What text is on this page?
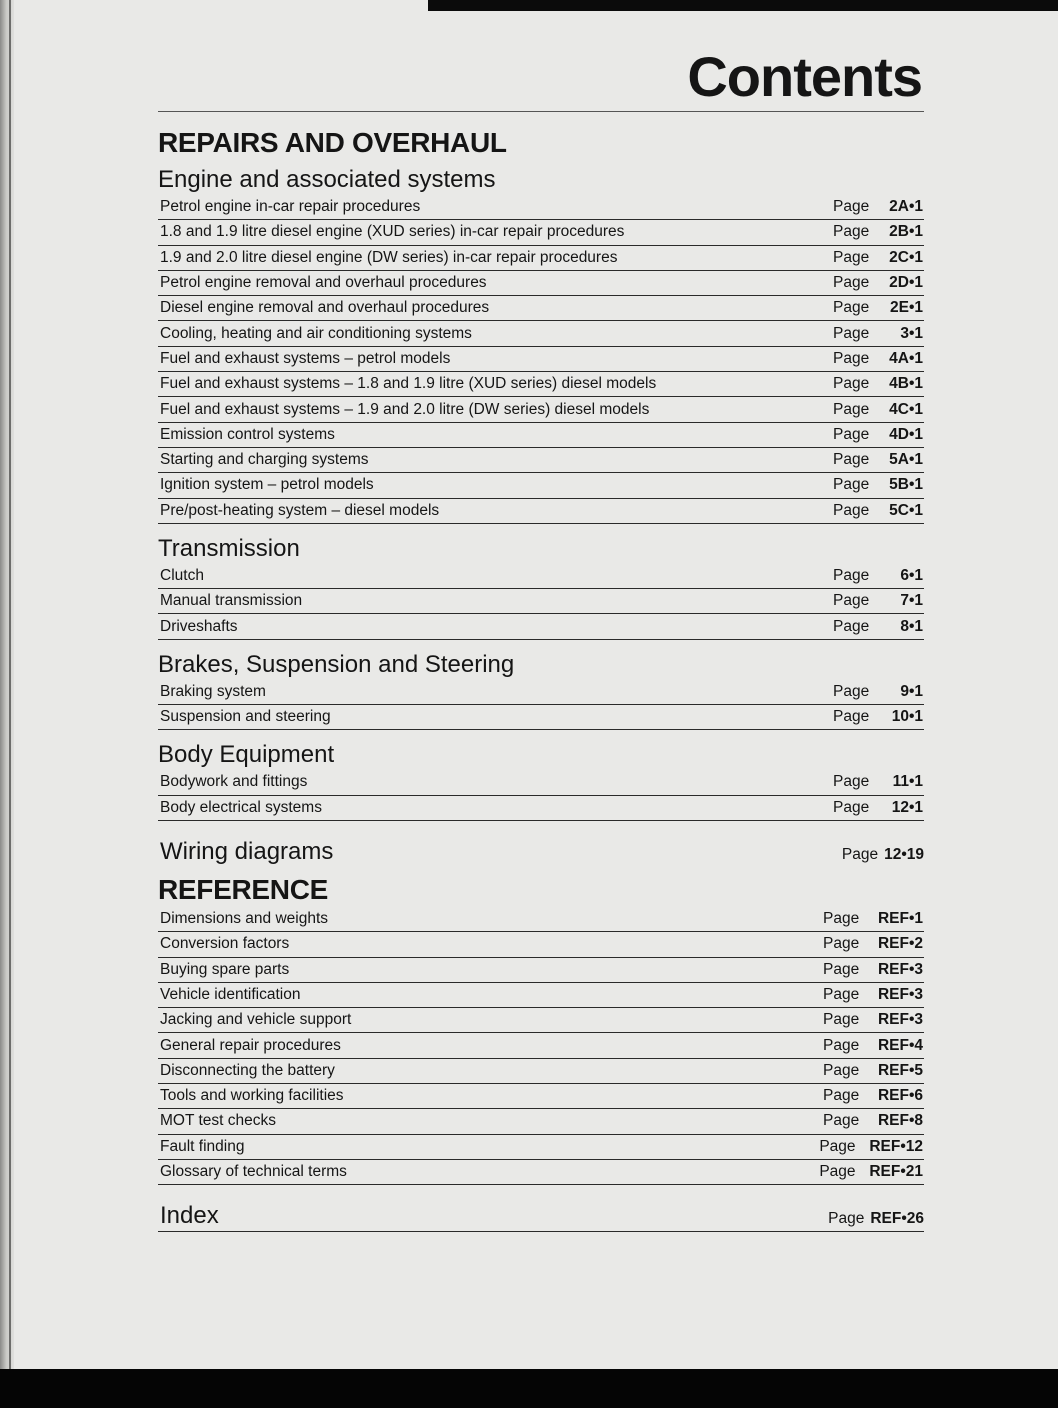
Contents
REPAIRS AND OVERHAUL
Engine and associated systems
Petrol engine in-car repair procedures	Page	2A•1
1.8 and 1.9 litre diesel engine (XUD series) in-car repair procedures	Page	2B•1
1.9 and 2.0 litre diesel engine (DW series) in-car repair procedures	Page	2C•1
Petrol engine removal and overhaul procedures	Page	2D•1
Diesel engine removal and overhaul procedures	Page	2E•1
Cooling, heating and air conditioning systems	Page	3•1
Fuel and exhaust systems – petrol models	Page	4A•1
Fuel and exhaust systems – 1.8 and 1.9 litre (XUD series) diesel models	Page	4B•1
Fuel and exhaust systems – 1.9 and 2.0 litre (DW series) diesel models	Page	4C•1
Emission control systems	Page	4D•1
Starting and charging systems	Page	5A•1
Ignition system – petrol models	Page	5B•1
Pre/post-heating system – diesel models	Page	5C•1
Transmission
Clutch	Page	6•1
Manual transmission	Page	7•1
Driveshafts	Page	8•1
Brakes, Suspension and Steering
Braking system	Page	9•1
Suspension and steering	Page	10•1
Body Equipment
Bodywork and fittings	Page	11•1
Body electrical systems	Page	12•1
Wiring diagrams	Page 12•19
REFERENCE
Dimensions and weights	Page	REF•1
Conversion factors	Page	REF•2
Buying spare parts	Page	REF•3
Vehicle identification	Page	REF•3
Jacking and vehicle support	Page	REF•3
General repair procedures	Page	REF•4
Disconnecting the battery	Page	REF•5
Tools and working facilities	Page	REF•6
MOT test checks	Page	REF•8
Fault finding	Page REF•12
Glossary of technical terms	Page REF•21
Index	Page REF•26
